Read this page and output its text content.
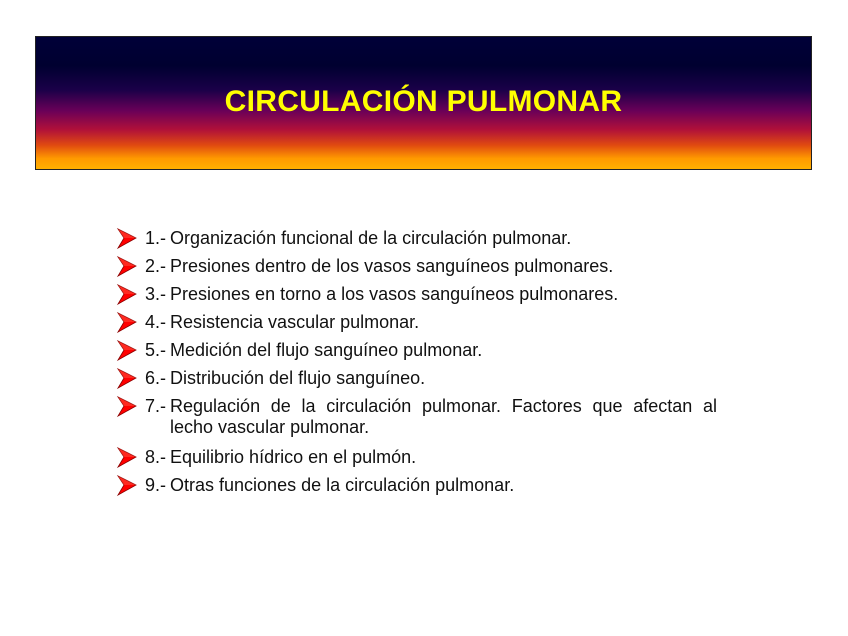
CIRCULACIÓN PULMONAR
1.- Organización funcional de la circulación pulmonar.
2.- Presiones dentro de los vasos sanguíneos pulmonares.
3.- Presiones en torno a los vasos sanguíneos pulmonares.
4.- Resistencia vascular pulmonar.
5.- Medición del flujo sanguíneo pulmonar.
6.- Distribución del flujo sanguíneo.
7.- Regulación de la circulación pulmonar. Factores que afectan al lecho vascular pulmonar.
8.- Equilibrio hídrico en el pulmón.
9.- Otras funciones de la circulación pulmonar.
